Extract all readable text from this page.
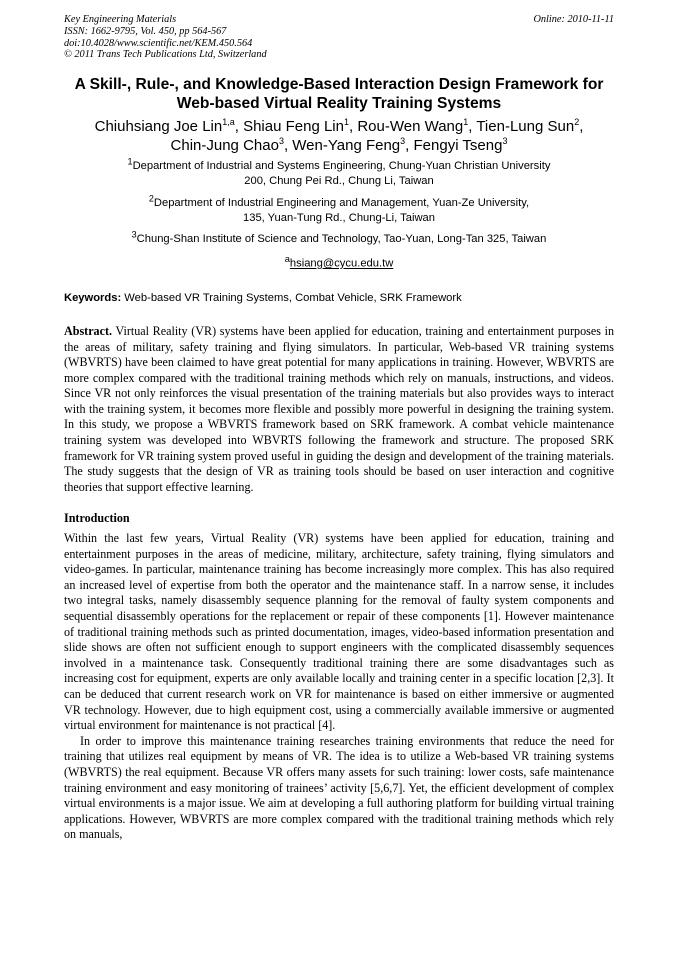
Key Engineering Materials
ISSN: 1662-9795, Vol. 450, pp 564-567
doi:10.4028/www.scientific.net/KEM.450.564
© 2011 Trans Tech Publications Ltd, Switzerland
Online: 2010-11-11
A Skill-, Rule-, and Knowledge-Based Interaction Design Framework for
Web-based Virtual Reality Training Systems
Chiuhsiang Joe Lin$^{1,a}$, Shiau Feng Lin$^1$, Rou-Wen Wang$^1$, Tien-Lung Sun$^2$,
Chin-Jung Chao$^3$, Wen-Yang Feng$^3$, Fengyi Tseng$^3$
$^1$Department of Industrial and Systems Engineering, Chung-Yuan Christian University
200, Chung Pei Rd., Chung Li, Taiwan
$^2$Department of Industrial Engineering and Management, Yuan-Ze University,
135, Yuan-Tung Rd., Chung-Li, Taiwan
$^3$Chung-Shan Institute of Science and Technology, Tao-Yuan, Long-Tan 325, Taiwan
$^a$hsiang@cycu.edu.tw
Keywords: Web-based VR Training Systems, Combat Vehicle, SRK Framework
Abstract. Virtual Reality (VR) systems have been applied for education, training and entertainment purposes in the areas of military, safety training and flying simulators. In particular, Web-based VR training systems (WBVRTS) have been claimed to have great potential for many applications in training. However, WBVRTS are more complex compared with the traditional training methods which rely on manuals, instructions, and videos. Since VR not only reinforces the visual presentation of the training materials but also provides ways to interact with the training system, it becomes more flexible and possibly more powerful in designing the training system. In this study, we propose a WBVRTS framework based on SRK framework. A combat vehicle maintenance training system was developed into WBVRTS following the framework and structure. The proposed SRK framework for VR training system proved useful in guiding the design and development of the training materials. The study suggests that the design of VR as training tools should be based on user interaction and cognitive theories that support effective learning.
Introduction
Within the last few years, Virtual Reality (VR) systems have been applied for education, training and entertainment purposes in the areas of medicine, military, architecture, safety training, flying simulators and video-games. In particular, maintenance training has become increasingly more complex. This has also required an increased level of expertise from both the operator and the maintenance staff. In a narrow sense, it includes two integral tasks, namely disassembly sequence planning for the removal of faulty system components and sequential disassembly operations for the replacement or repair of these components [1]. However maintenance of traditional training methods such as printed documentation, images, video-based information presentation and slide shows are often not sufficient enough to support engineers with the complicated disassembly sequences involved in a maintenance task. Consequently traditional training there are some disadvantages such as increasing cost for equipment, experts are only available locally and training center in a specific location [2,3]. It can be deduced that current research work on VR for maintenance is based on either immersive or augmented VR technology. However, due to high equipment cost, using a commercially available immersive or augmented virtual environment for maintenance is not practical [4].
In order to improve this maintenance training researches training environments that reduce the need for training that utilizes real equipment by means of VR. The idea is to utilize a Web-based VR training systems (WBVRTS) the real equipment. Because VR offers many assets for such training: lower costs, safe maintenance training environment and easy monitoring of trainees’ activity [5,6,7]. Yet, the efficient development of complex virtual environments is a major issue. We aim at developing a full authoring platform for building virtual training applications. However, WBVRTS are more complex compared with the traditional training methods which rely on manuals,
